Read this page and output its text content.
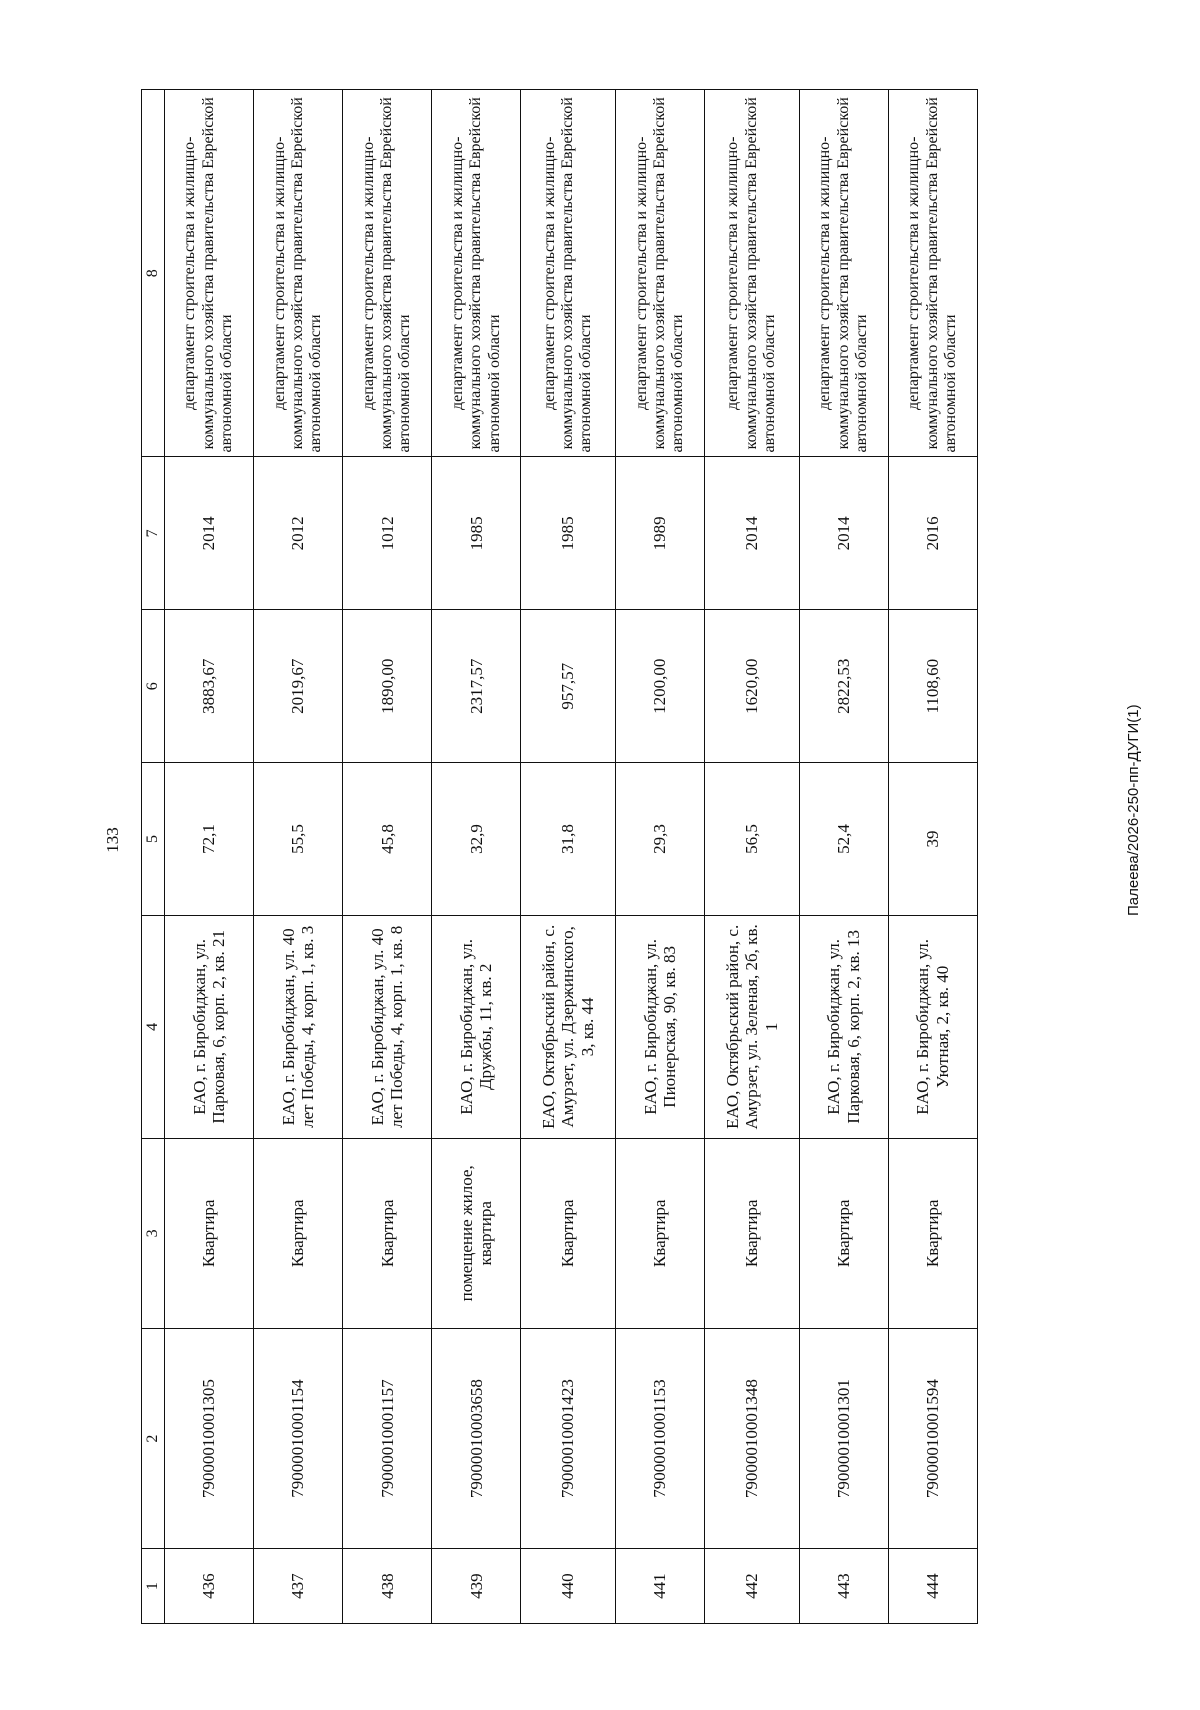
133	Палеева/2026-250-пп-ДУГИ(1)
1	2	3	4	5	6	7	8
436	79000010001305	Квартира	ЕАО, г. Биробиджан, ул. Парковая, 6, корп. 2, кв. 21	72,1	3883,67	2014	департамент строительства и жилищно-коммунального хозяйства правительства Еврейской автономной области
437	79000010001154	Квартира	ЕАО, г. Биробиджан, ул. 40 лет Победы, 4, корп. 1, кв. 3	55,5	2019,67	2012	департамент строительства и жилищно-коммунального хозяйства правительства Еврейской автономной области
438	79000010001157	Квартира	ЕАО, г. Биробиджан, ул. 40 лет Победы, 4, корп. 1, кв. 8	45,8	1890,00	1012	департамент строительства и жилищно-коммунального хозяйства правительства Еврейской автономной области
439	79000010003658	помещение жилое, квартира	ЕАО, г. Биробиджан, ул. Дружбы, 11, кв. 2	32,9	2317,57	1985	департамент строительства и жилищно-коммунального хозяйства правительства Еврейской автономной области
440	79000010001423	Квартира	ЕАО, Октябрьский район, с. Амурзет, ул. Дзержинского, 3, кв. 44	31,8	957,57	1985	департамент строительства и жилищно-коммунального хозяйства правительства Еврейской автономной области
441	79000010001153	Квартира	ЕАО, г. Биробиджан, ул. Пионерская, 90, кв. 83	29,3	1200,00	1989	департамент строительства и жилищно-коммунального хозяйства правительства Еврейской автономной области
442	79000010001348	Квартира	ЕАО, Октябрьский район, с. Амурзет, ул. Зеленая, 2б, кв. 1	56,5	1620,00	2014	департамент строительства и жилищно-коммунального хозяйства правительства Еврейской автономной области
443	79000010001301	Квартира	ЕАО, г. Биробиджан, ул. Парковая, 6, корп. 2, кв. 13	52,4	2822,53	2014	департамент строительства и жилищно-коммунального хозяйства правительства Еврейской автономной области
444	79000010001594	Квартира	ЕАО, г. Биробиджан, ул. Уютная, 2, кв. 40	39	1108,60	2016	департамент строительства и жилищно-коммунального хозяйства правительства Еврейской автономной области
